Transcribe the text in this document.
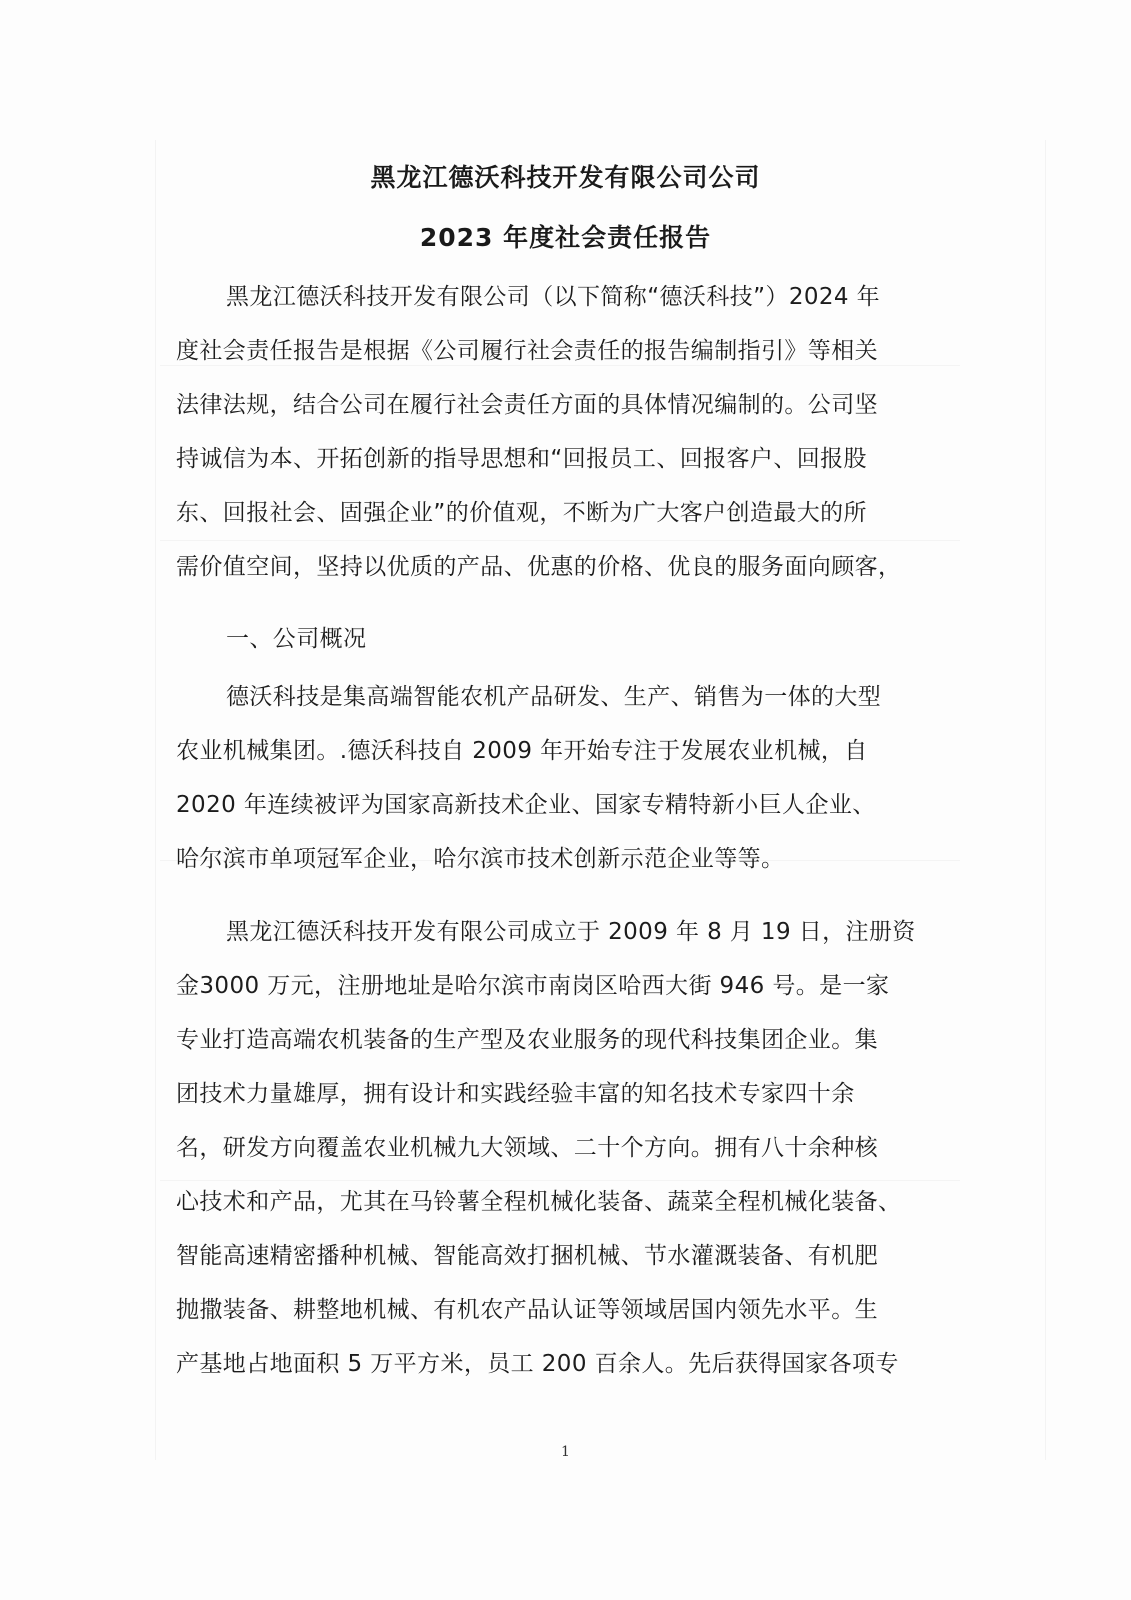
黑龙江德沃科技开发有限公司公司
2023 年度社会责任报告

黑龙江德沃科技开发有限公司（以下简称“德沃科技”）2024 年

度社会责任报告是根据《公司履行社会责任的报告编制指引》等相关

法律法规，结合公司在履行社会责任方面的具体情况编制的。公司坚

持诚信为本、开拓创新的指导思想和“回报员工、回报客户、回报股

东、回报社会、固强企业”的价值观，不断为广大客户创造最大的所

需价值空间，坚持以优质的产品、优惠的价格、优良的服务面向顾客，

一、公司概况

德沃科技是集高端智能农机产品研发、生产、销售为一体的大型

农业机械集团。.德沃科技自 2009 年开始专注于发展农业机械，自

2020 年连续被评为国家高新技术企业、国家专精特新小巨人企业、

哈尔滨市单项冠军企业，哈尔滨市技术创新示范企业等等。

黑龙江德沃科技开发有限公司成立于 2009 年 8 月 19 日，注册资

金3000 万元，注册地址是哈尔滨市南岗区哈西大街 946 号。是一家

专业打造高端农机装备的生产型及农业服务的现代科技集团企业。集

团技术力量雄厚，拥有设计和实践经验丰富的知名技术专家四十余

名，研发方向覆盖农业机械九大领域、二十个方向。拥有八十余种核

心技术和产品，尤其在马铃薯全程机械化装备、蔬菜全程机械化装备、

智能高速精密播种机械、智能高效打捆机械、节水灌溉装备、有机肥

抛撒装备、耕整地机械、有机农产品认证等领域居国内领先水平。生

产基地占地面积 5 万平方米，员工 200 百余人。先后获得国家各项专

1
